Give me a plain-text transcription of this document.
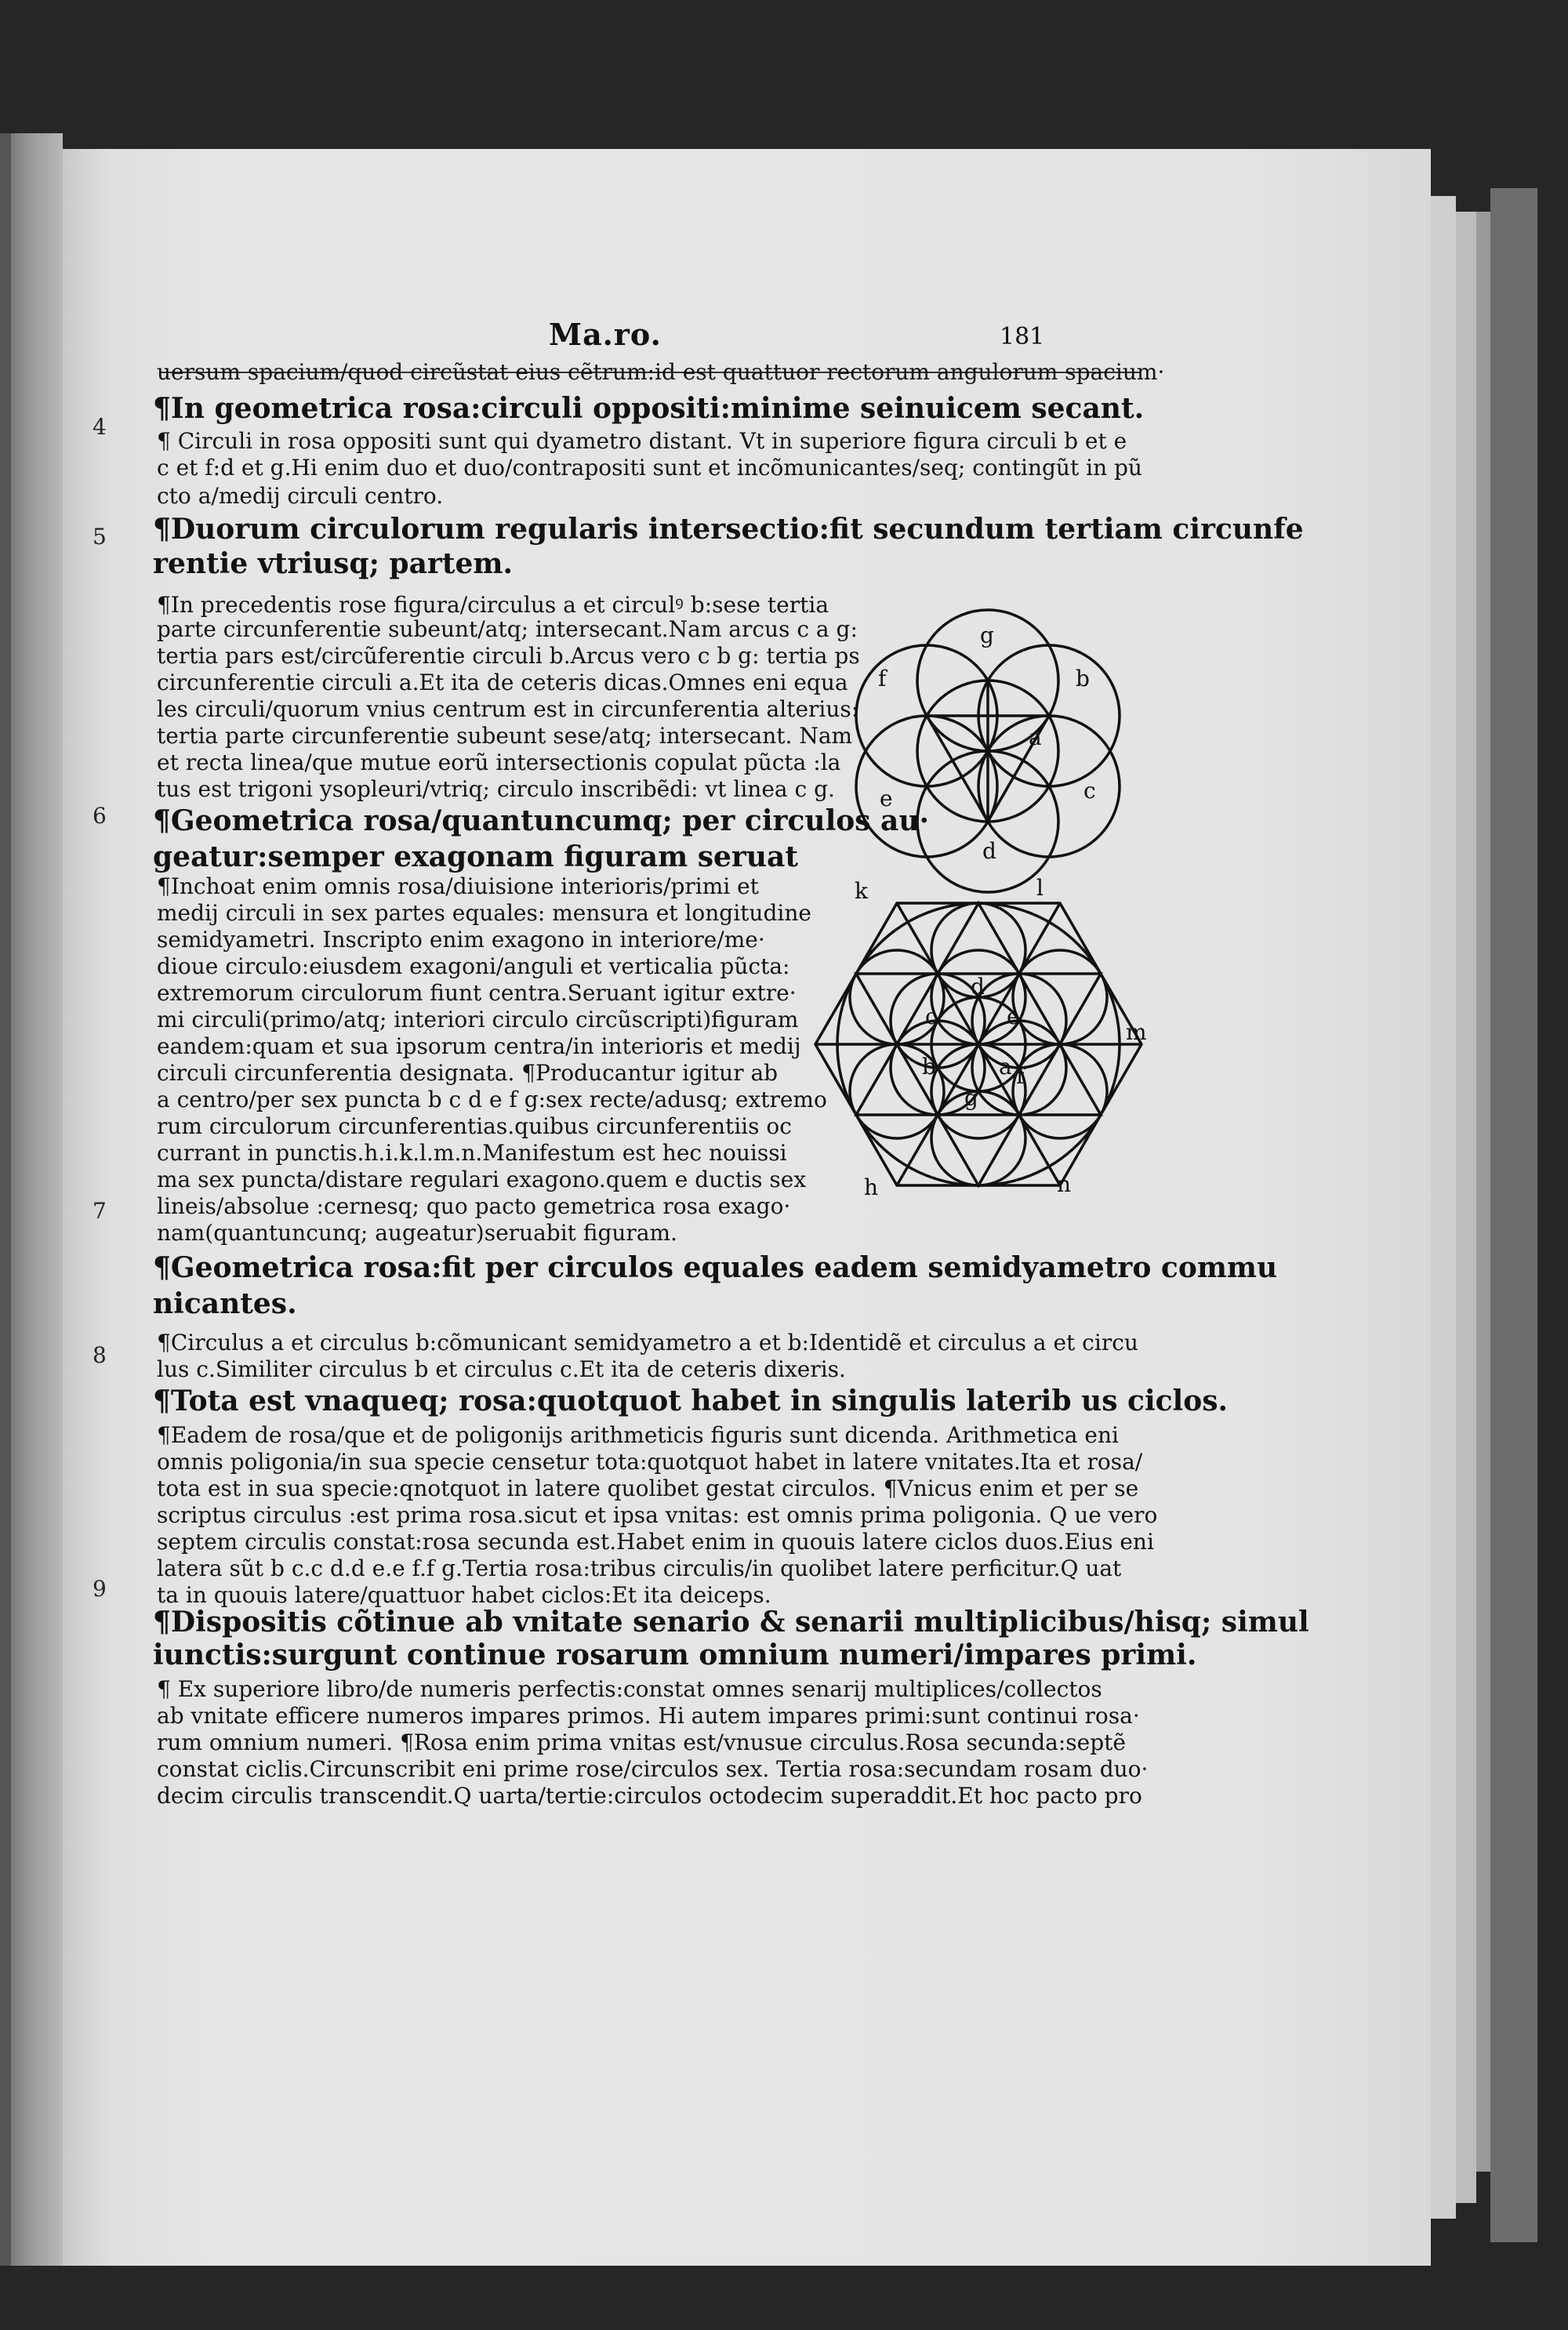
Ma.ro.	181
4
5
6
7
8
9
uersum spacium/quod circũstat eius cẽtrum:id est quattuor rectorum angulorum spacium·
¶In geometrica rosa:circuli oppositi:minime seinuicem secant.
¶ Circuli in rosa oppositi sunt qui dyametro distant. Vt in superiore figura circuli b et e
c et f:d et g.Hi enim duo et duo/contrapositi sunt et incõmunicantes/seq; contingũt in pũ
cto a/medij circuli centro.
¶Duorum circulorum regularis intersectio:fit secundum tertiam circunfe
rentie vtriusq; partem.
¶In precedentis rose figura/circulus a et circulꝰ b:sese tertia
parte circunferentie subeunt/atq; intersecant.Nam arcus c a g:
tertia pars est/circũferentie circuli b.Arcus vero c b g: tertia ps
circunferentie circuli a.Et ita de ceteris dicas.Omnes eni equa
les circuli/quorum vnius centrum est in circunferentia alterius:
tertia parte circunferentie subeunt sese/atq; intersecant. Nam
et recta linea/que mutue eorũ intersectionis copulat pũcta :la
tus est trigoni ysopleuri/vtriq; circulo inscribẽdi: vt linea c g.
¶Geometrica rosa/quantuncumq; per circulos au·
geatur:semper exagonam figuram seruat
¶Inchoat enim omnis rosa/diuisione interioris/primi et
medij circuli in sex partes equales: mensura et longitudine
semidyametri. Inscripto enim exagono in interiore/me·
dioue circulo:eiusdem exagoni/anguli et verticalia pũcta:
extremorum circulorum fiunt centra.Seruant igitur extre·
mi circuli(primo/atq; interiori circulo circũscripti)figuram
eandem:quam et sua ipsorum centra/in interioris et medij
circuli circunferentia designata. ¶Producantur igitur ab
a centro/per sex puncta b c d e f g:sex recte/adusq; extremo
rum circulorum circunferentias.quibus circunferentiis oc
currant in punctis.h.i.k.l.m.n.Manifestum est hec nouissi
ma sex puncta/distare regulari exagono.quem e ductis sex
lineis/absolue :cernesq; quo pacto gemetrica rosa exago·
nam(quantuncunq; augeatur)seruabit figuram.
¶Geometrica rosa:fit per circulos equales eadem semidyametro commu
nicantes.
¶Circulus a et circulus b:cõmunicant semidyametro a et b:Identidẽ et circulus a et circu
lus c.Similiter circulus b et circulus c.Et ita de ceteris dixeris.
¶Tota est vnaqueq; rosa:quotquot habet in singulis laterib us ciclos.
¶Eadem de rosa/que et de poligonijs arithmeticis figuris sunt dicenda. Arithmetica eni
omnis poligonia/in sua specie censetur tota:quotquot habet in latere vnitates.Ita et rosa/
tota est in sua specie:qnotquot in latere quolibet gestat circulos. ¶Vnicus enim et per se
scriptus circulus :est prima rosa.sicut et ipsa vnitas: est omnis prima poligonia. Q ue vero
septem circulis constat:rosa secunda est.Habet enim in quouis latere ciclos duos.Eius eni
latera sũt b c.c d.d e.e f.f g.Tertia rosa:tribus circulis/in quolibet latere perficitur.Q uat
ta in quouis latere/quattuor habet ciclos:Et ita deiceps.
¶Dispositis cõtinue ab vnitate senario & senarii multiplicibus/hisq; simul
iunctis:surgunt continue rosarum omnium numeri/impares primi.
¶ Ex superiore libro/de numeris perfectis:constat omnes senarij multiplices/collectos
ab vnitate efficere numeros impares primos. Hi autem impares primi:sunt continui rosa·
rum omnium numeri. ¶Rosa enim prima vnitas est/vnusue circulus.Rosa secunda:septẽ
constat ciclis.Circunscribit eni prime rose/circulos sex. Tertia rosa:secundam rosam duo·
decim circulis transcendit.Q uarta/tertie:circulos octodecim superaddit.Et hoc pacto pro
g
f	b
a
e	c
d
k	l
d
c	e
m
b	a f
g
h	n
